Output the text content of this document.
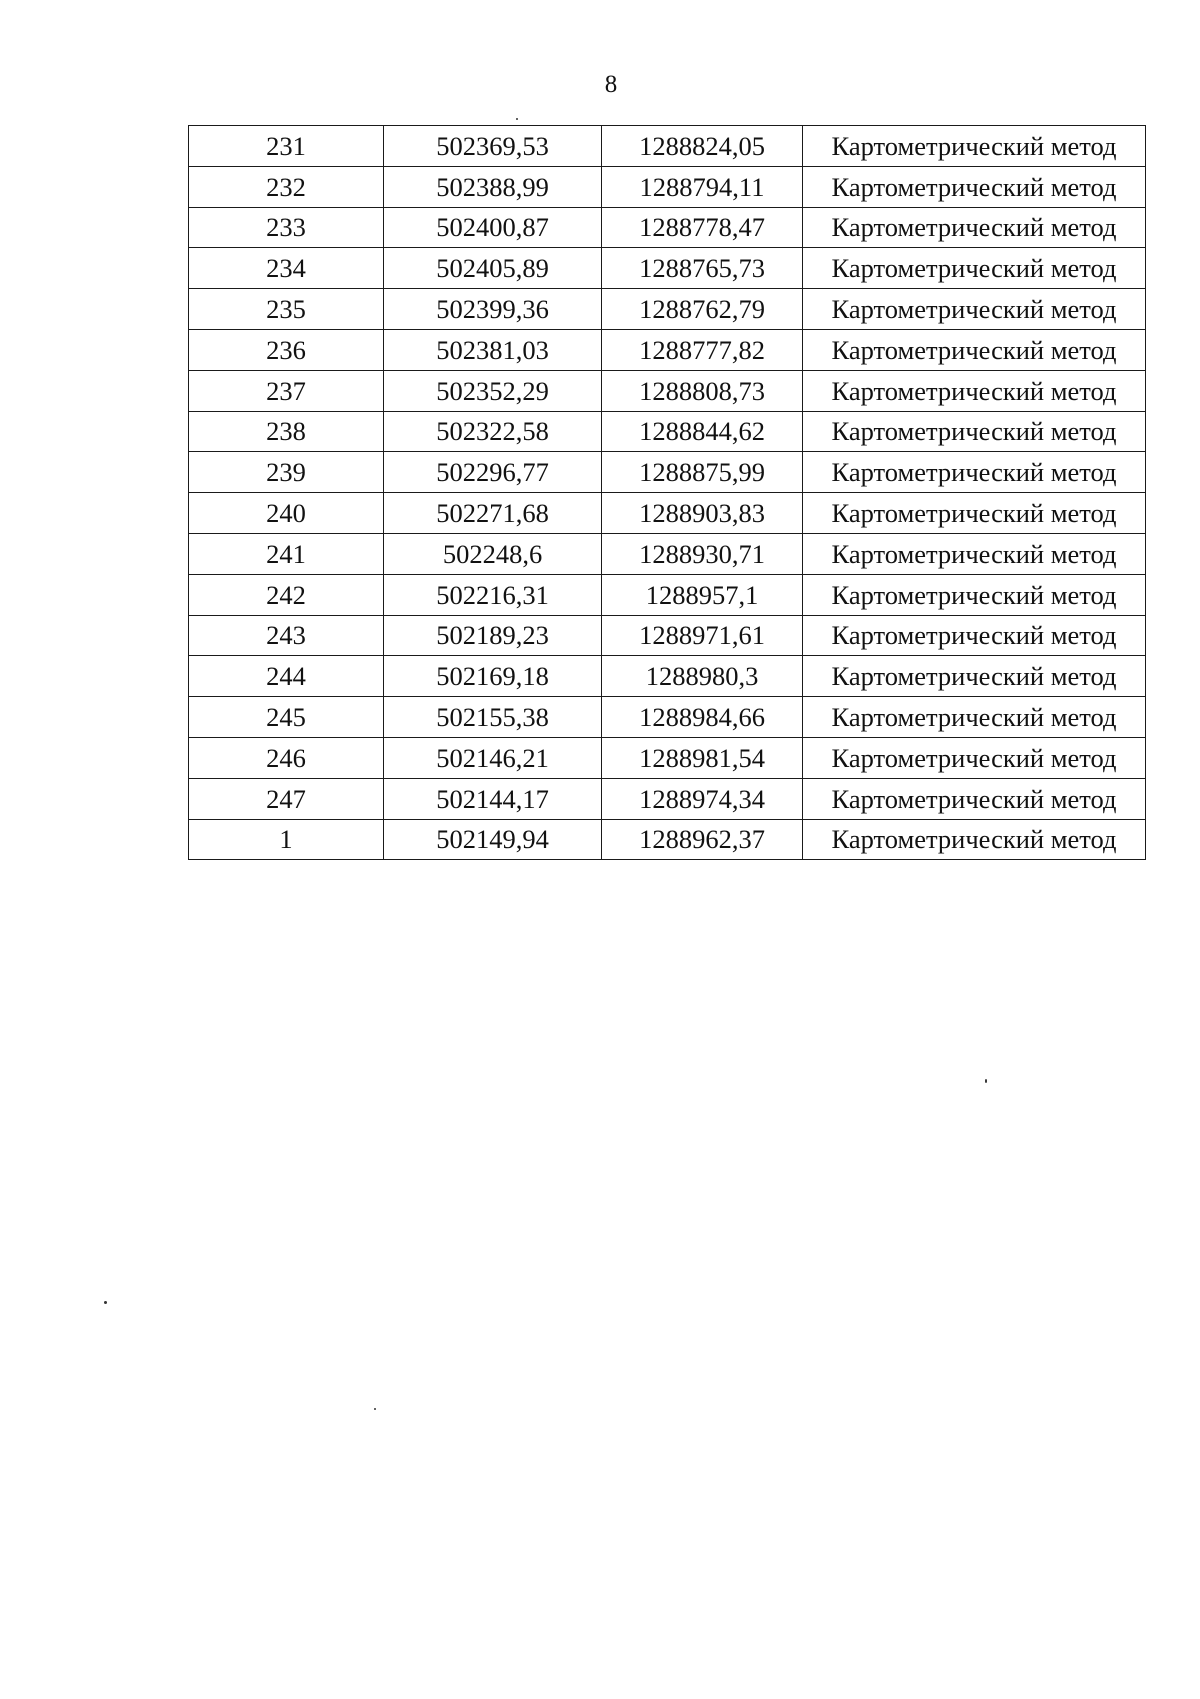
8
231	502369,53	1288824,05	Картометрический метод
232	502388,99	1288794,11	Картометрический метод
233	502400,87	1288778,47	Картометрический метод
234	502405,89	1288765,73	Картометрический метод
235	502399,36	1288762,79	Картометрический метод
236	502381,03	1288777,82	Картометрический метод
237	502352,29	1288808,73	Картометрический метод
238	502322,58	1288844,62	Картометрический метод
239	502296,77	1288875,99	Картометрический метод
240	502271,68	1288903,83	Картометрический метод
241	502248,6	1288930,71	Картометрический метод
242	502216,31	1288957,1	Картометрический метод
243	502189,23	1288971,61	Картометрический метод
244	502169,18	1288980,3	Картометрический метод
245	502155,38	1288984,66	Картометрический метод
246	502146,21	1288981,54	Картометрический метод
247	502144,17	1288974,34	Картометрический метод
1	502149,94	1288962,37	Картометрический метод
